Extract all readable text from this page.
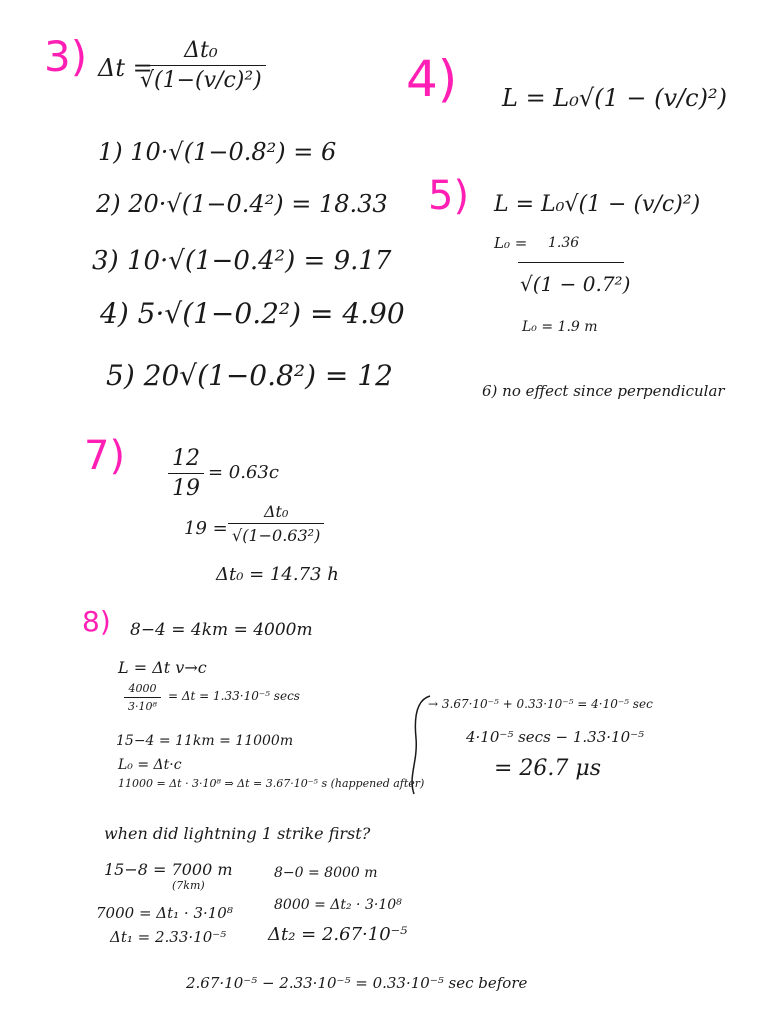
3) Δt =
$\frac{\text{Δt₀}}{\text{√(1−(v/c)²)}}$
1) 10·√(1−0.8²) = 6
2) 20·√(1−0.4²) = 18.33
3) 10·√(1−0.4²) = 9.17
4) 5·√(1−0.2²) = 4.90
5) 20√(1−0.8²) = 12
4) L = L₀√(1 − (v/c)²)
5) L = L₀√(1 − (v/c)²)
L₀ = 1.36
√(1 − 0.7²)
L₀ = 1.9 m
6) no effect since perpendicular
$7) \frac{12}{19} = 0.63c$
$19 = \frac{\text{Δt₀}}{\text{√(1−0.63²)}}$
Δt₀ = 14.73 h
8) 8−4 = 4km = 4000m
L = Δt v→c
$\frac{4000}{\text{3·10⁸}} = \Delta t = 1.33\cdot 10^{-5}$ secs
15−4 = 11km = 11000m
L₀ = Δt·c
11000 = Δt · 3·10⁸ ⇒ Δt = 3.67·10⁻⁵ s (happened after)
→ 3.67·10⁻⁵ + 0.33·10⁻⁵ = 4·10⁻⁵ sec
4·10⁻⁵ secs − 1.33·10⁻⁵
= 26.7 μs
when did lightning 1 strike first?
15−8 = 7000 m
(7km)
7000 = Δt₁ · 3·10⁸
Δt₁ = 2.33·10⁻⁵
8−0 = 8000 m
8000 = Δt₂ · 3·10⁸
Δt₂ = 2.67·10⁻⁵
2.67·10⁻⁵ − 2.33·10⁻⁵ = 0.33·10⁻⁵ sec before
